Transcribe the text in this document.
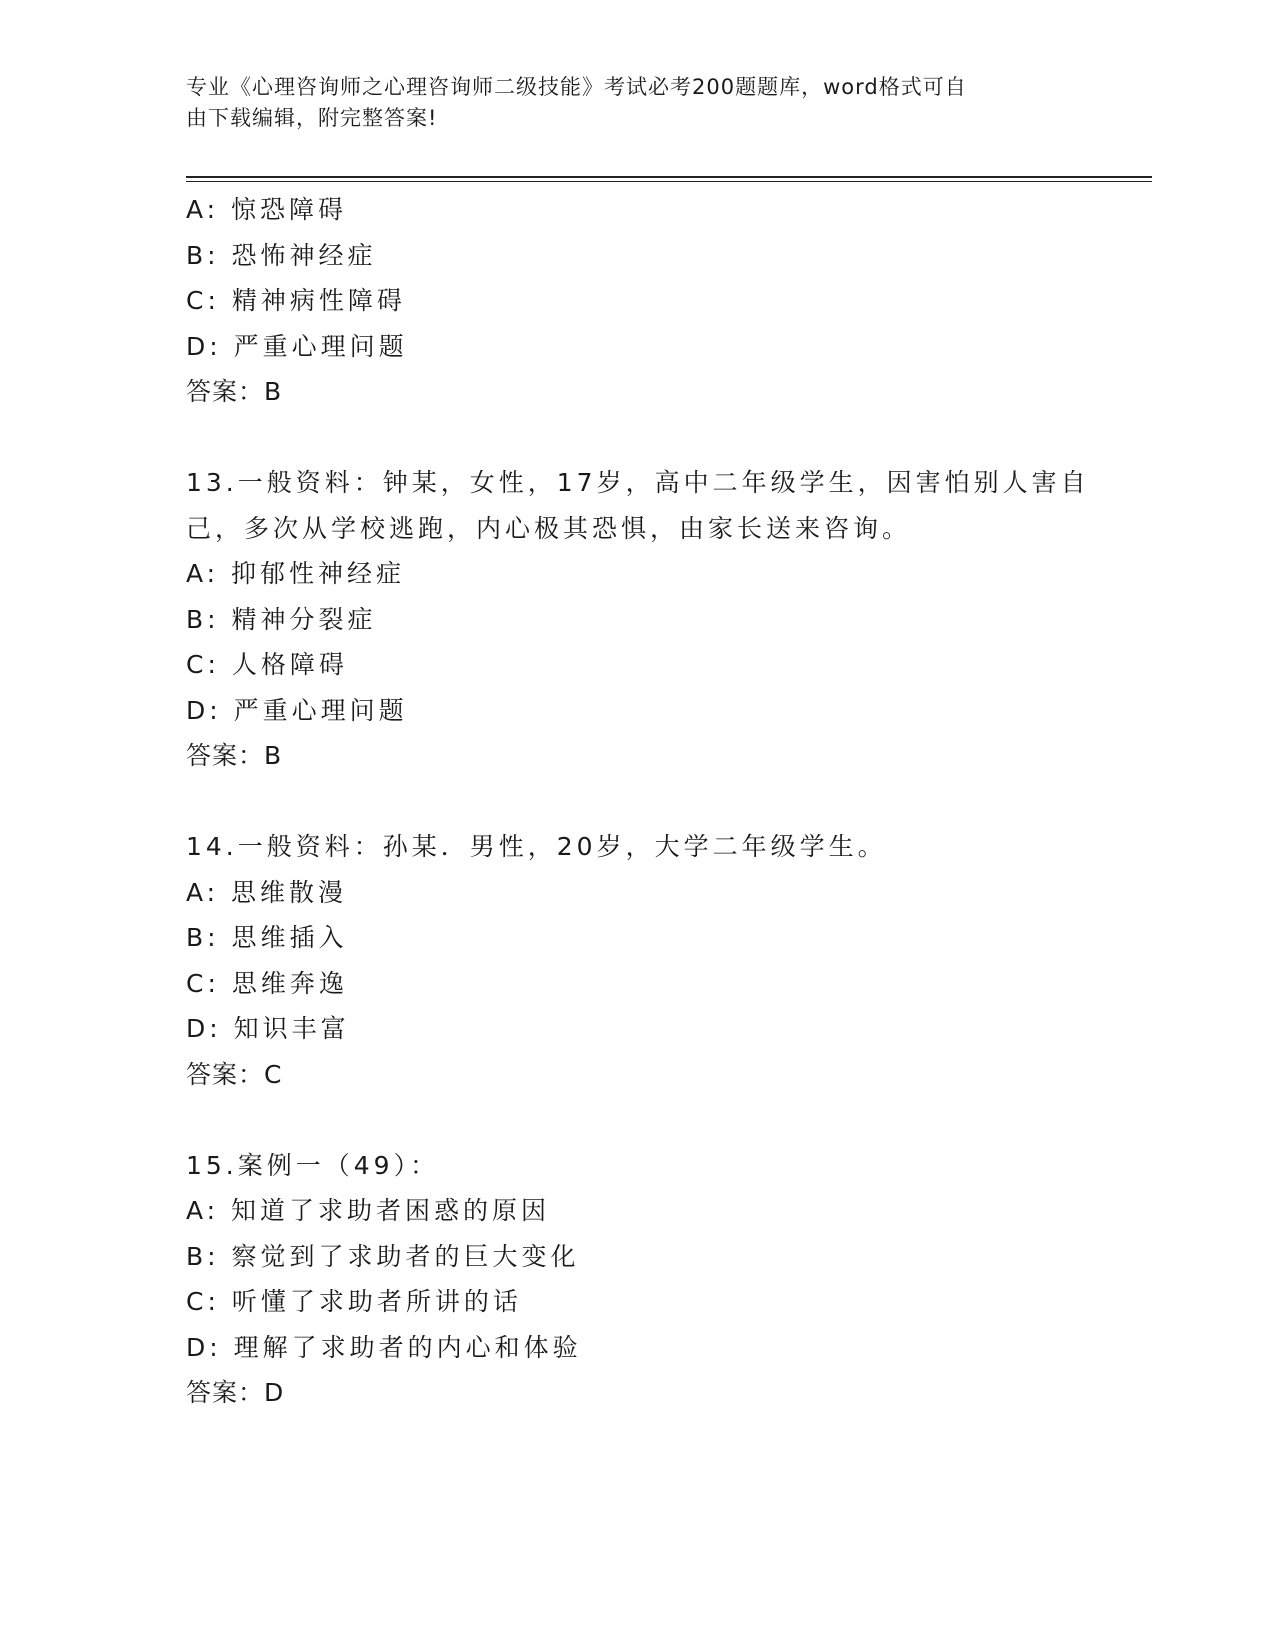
专业《心理咨询师之心理咨询师二级技能》考试必考200题题库，word格式可自
由下载编辑，附完整答案!
A: 惊恐障碍
B: 恐怖神经症
C: 精神病性障碍
D: 严重心理问题
答案：B
13.一般资料：钟某，女性，17岁，高中二年级学生，因害怕别人害自
己，多次从学校逃跑，内心极其恐惧，由家长送来咨询。
A: 抑郁性神经症
B: 精神分裂症
C: 人格障碍
D: 严重心理问题
答案：B
14.一般资料：孙某．男性，20岁，大学二年级学生。
A: 思维散漫
B: 思维插入
C: 思维奔逸
D: 知识丰富
答案：C
15.案例一（49）：
A: 知道了求助者困惑的原因
B: 察觉到了求助者的巨大变化
C: 听懂了求助者所讲的话
D: 理解了求助者的内心和体验
答案：D
